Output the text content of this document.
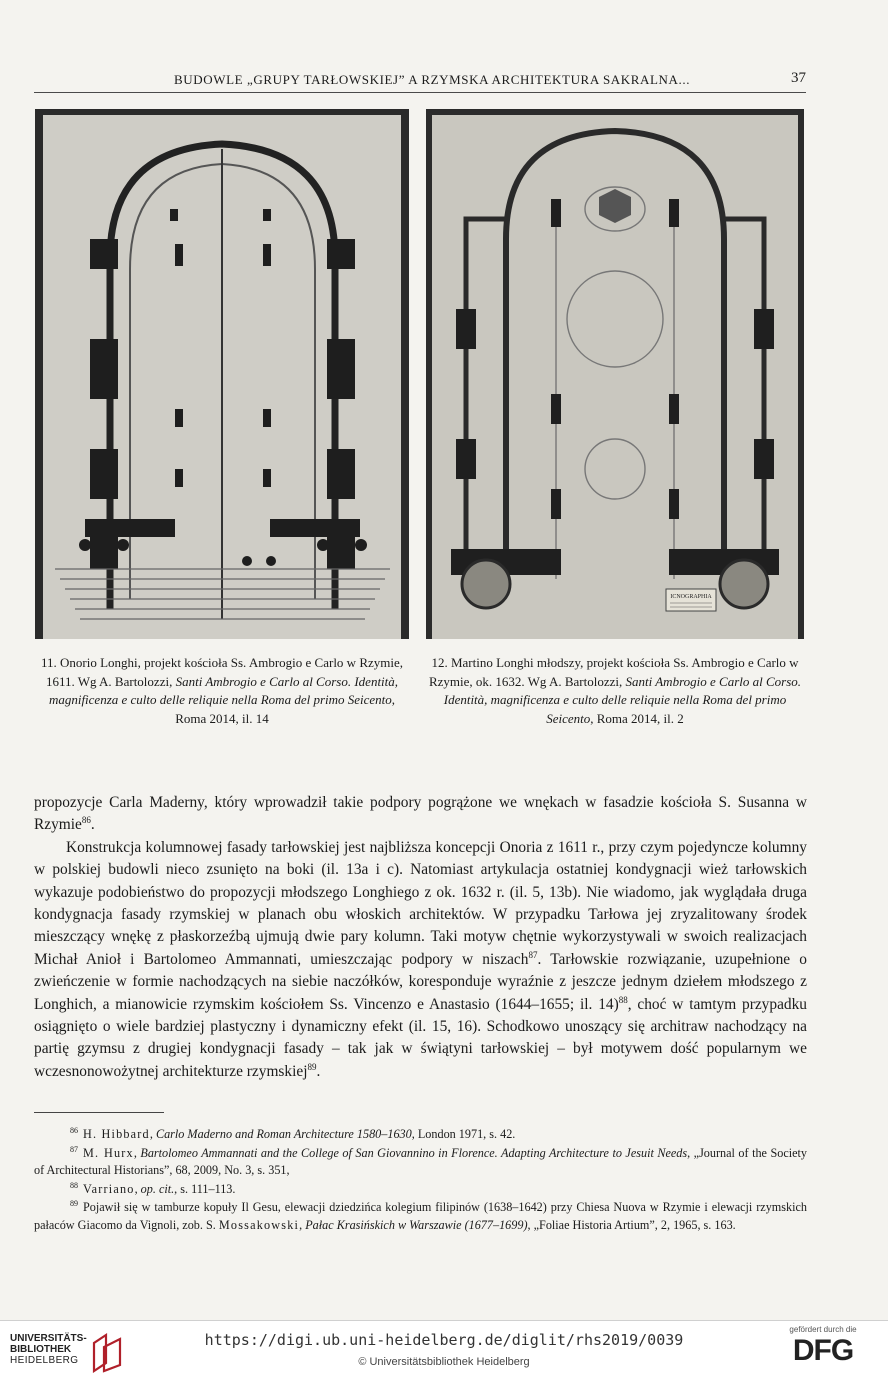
BUDOWLE „GRUPY TARŁOWSKIEJ” A RZYMSKA ARCHITEKTURA SAKRALNA...	37
ICNOGRAPHIA
11. Onorio Longhi, projekt kościoła Ss. Ambrogio e Carlo w Rzymie, 1611. Wg A. Bartolozzi, Santi Ambrogio e Carlo al Corso. Identità, magnificenza e culto delle reliquie nella Roma del primo Seicento, Roma 2014, il. 14
12. Martino Longhi młodszy, projekt kościoła Ss. Ambrogio e Carlo w Rzymie, ok. 1632. Wg A. Bartolozzi, Santi Ambrogio e Carlo al Corso. Identità, magnificenza e culto delle reliquie nella Roma del primo Seicento, Roma 2014, il. 2

propozycje Carla Maderny, który wprowadził takie podpory pogrążone we wnękach w fasadzie kościoła S. Susanna w Rzymie$^{86}$.

Konstrukcja kolumnowej fasady tarłowskiej jest najbliższa koncepcji Onoria z 1611 r., przy czym pojedyncze kolumny w polskiej budowli nieco zsunięto na boki (il. 13a i c). Natomiast artykulacja ostatniej kondygnacji wież tarłowskich wykazuje podobieństwo do propozycji młodszego Longhiego z ok. 1632 r. (il. 5, 13b). Nie wiadomo, jak wyglądała druga kondygnacja fasady rzymskiej w planach obu włoskich architektów. W przypadku Tarłowa jej zryzalitowany środek mieszczący wnękę z płaskorzeźbą ujmują dwie pary kolumn. Taki motyw chętnie wykorzystywali w swoich realizacjach Michał Anioł i Bartolomeo Ammannati, umieszczając podpory w niszach$^{87}$. Tarłowskie rozwiązanie, uzupełnione o zwieńczenie w formie nachodzących na siebie naczółków, koresponduje wyraźnie z jeszcze jednym dziełem młodszego z Longhich, a mianowicie rzymskim kościołem Ss. Vincenzo e Anastasio (1644–1655; il. 14)$^{88}$, choć w tamtym przypadku osiągnięto o wiele bardziej plastyczny i dynamiczny efekt (il. 15, 16). Schodkowo unoszący się architraw nachodzący na partię gzymsu z drugiej kondygnacji fasady – tak jak w świątyni tarłowskiej – był motywem dość popularnym we wczesnonowożytnej architekturze rzymskiej$^{89}$.

$^{86}$ H. Hibbard, Carlo Maderno and Roman Architecture 1580–1630, London 1971, s. 42.

$^{87}$ M. Hurx, Bartolomeo Ammannati and the College of San Giovannino in Florence. Adapting Architecture to Jesuit Needs, „Journal of the Society of Architectural Historians”, 68, 2009, No. 3, s. 351,

$^{88}$ Varriano, op. cit., s. 111–113.

$^{89}$ Pojawił się w tamburze kopuły Il Gesu, elewacji dziedzińca kolegium filipinów (1638–1642) przy Chiesa Nuova w Rzymie i elewacji rzymskich pałaców Giacomo da Vignoli, zob. S. Mossakowski, Pałac Krasińskich w Warszawie (1677–1699), „Foliae Historia Artium”, 2, 1965, s. 163.

UNIVERSITÄTS-
BIBLIOTHEK
HEIDELBERG
https://digi.ub.uni-heidelberg.de/diglit/rhs2019/0039
© Universitätsbibliothek Heidelberg
gefördert durch die
DFG
